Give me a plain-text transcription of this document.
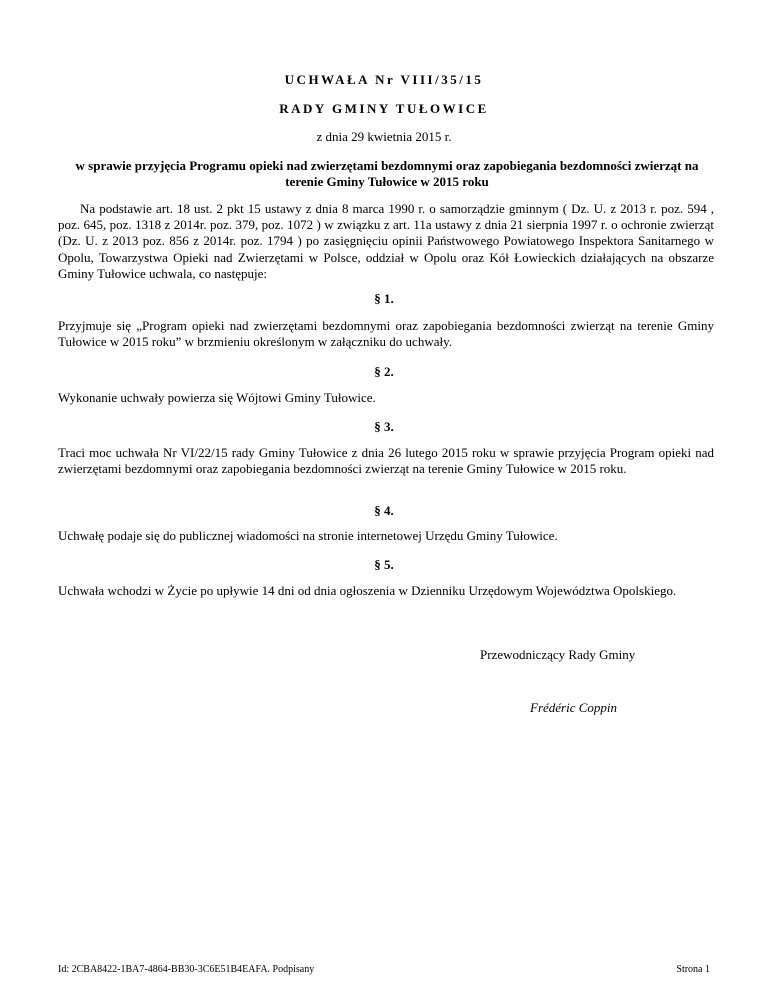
UCHWAŁA Nr VIII/35/15
RADY GMINY TUŁOWICE
z dnia 29 kwietnia 2015 r.
w sprawie przyjęcia Programu opieki nad zwierzętami bezdomnymi oraz zapobiegania bezdomności zwierząt na terenie Gminy Tułowice w 2015 roku
Na podstawie art. 18 ust. 2 pkt 15 ustawy z dnia 8 marca 1990 r. o samorządzie gminnym ( Dz. U. z 2013 r. poz. 594 , poz. 645, poz. 1318 z 2014r. poz. 379, poz. 1072 ) w związku z art. 11a ustawy z dnia 21 sierpnia 1997 r. o ochronie zwierząt (Dz. U. z 2013 poz. 856 z 2014r. poz. 1794 ) po zasięgnięciu opinii Państwowego Powiatowego Inspektora Sanitarnego w Opolu, Towarzystwa Opieki nad Zwierzętami w Polsce, oddział w Opolu oraz Kół Łowieckich działających na obszarze Gminy Tułowice uchwala, co następuje:
§ 1.
Przyjmuje się „Program opieki nad zwierzętami bezdomnymi oraz zapobiegania bezdomności zwierząt na terenie Gminy Tułowice w 2015 roku” w brzmieniu określonym w załączniku do uchwały.
§ 2.
Wykonanie uchwały powierza się Wójtowi Gminy Tułowice.
§ 3.
Traci moc uchwała Nr VI/22/15 rady Gminy Tułowice z dnia 26 lutego 2015 roku w sprawie przyjęcia Program opieki nad zwierzętami bezdomnymi oraz zapobiegania bezdomności zwierząt na terenie Gminy Tułowice w 2015 roku.
§ 4.
Uchwałę podaje się do publicznej wiadomości na stronie internetowej Urzędu Gminy Tułowice.
§ 5.
Uchwała wchodzi w Życie po upływie 14 dni od dnia ogłoszenia w Dzienniku Urzędowym Województwa Opolskiego.
Przewodniczący Rady Gminy
Frédéric Coppin
Id: 2CBA8422-1BA7-4864-BB30-3C6E51B4EAFA. Podpisany	Strona 1
